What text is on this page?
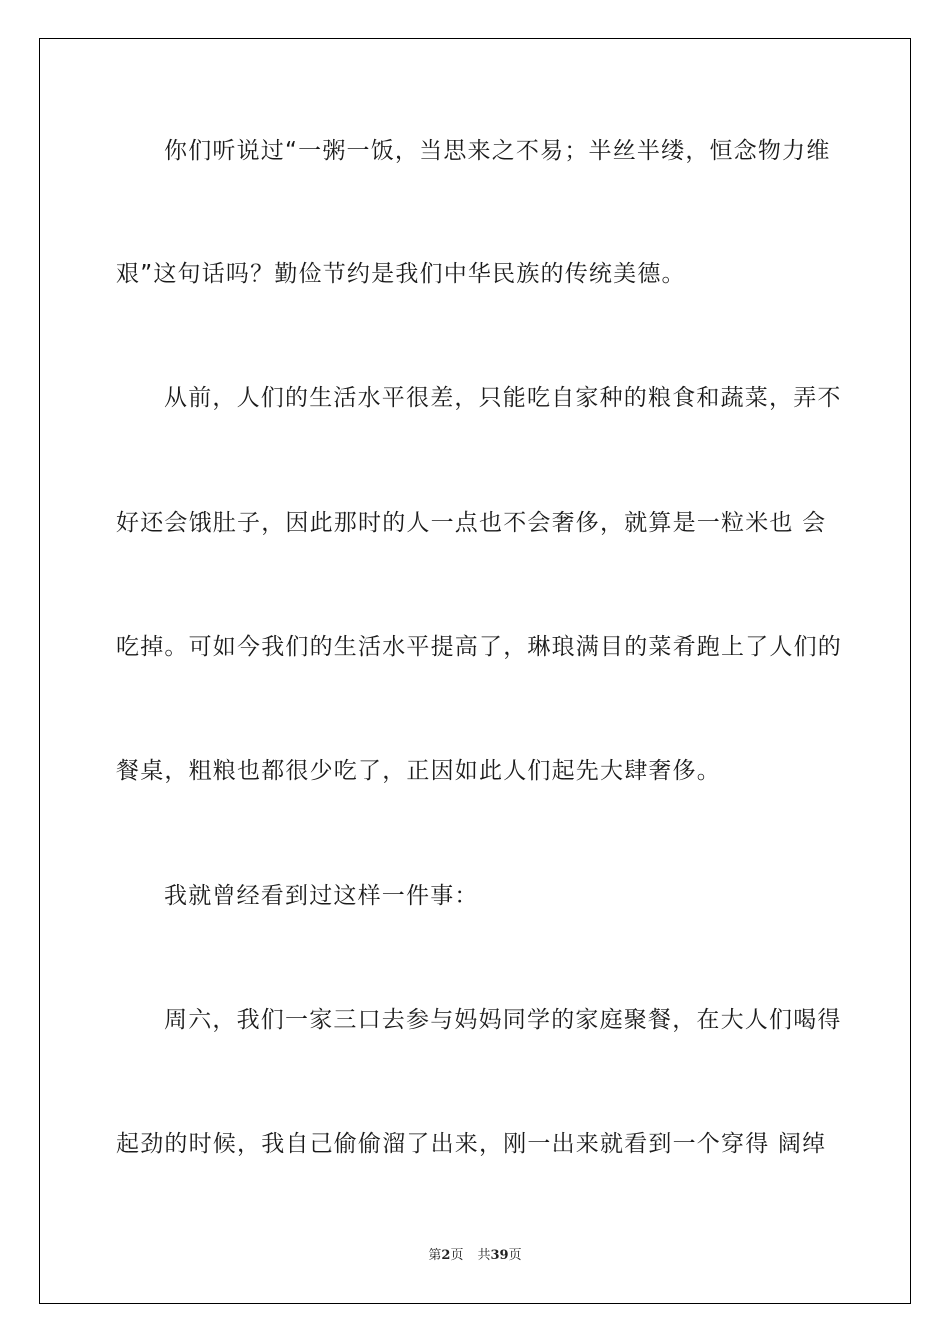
你们听说过“一粥一饭，当思来之不易；半丝半缕，恒念物力维
艰”这句话吗？勤俭节约是我们中华民族的传统美德。
从前，人们的生活水平很差，只能吃自家种的粮食和蔬菜，弄不
好还会饿肚子，因此那时的人一点也不会奢侈，就算是一粒米也 会
吃掉。可如今我们的生活水平提高了，琳琅满目的菜肴跑上了人们的
餐桌，粗粮也都很少吃了，正因如此人们起先大肆奢侈。
我就曾经看到过这样一件事：
周六，我们一家三口去参与妈妈同学的家庭聚餐，在大人们喝得
起劲的时候，我自己偷偷溜了出来，刚一出来就看到一个穿得 阔绰
第2页 共39页
